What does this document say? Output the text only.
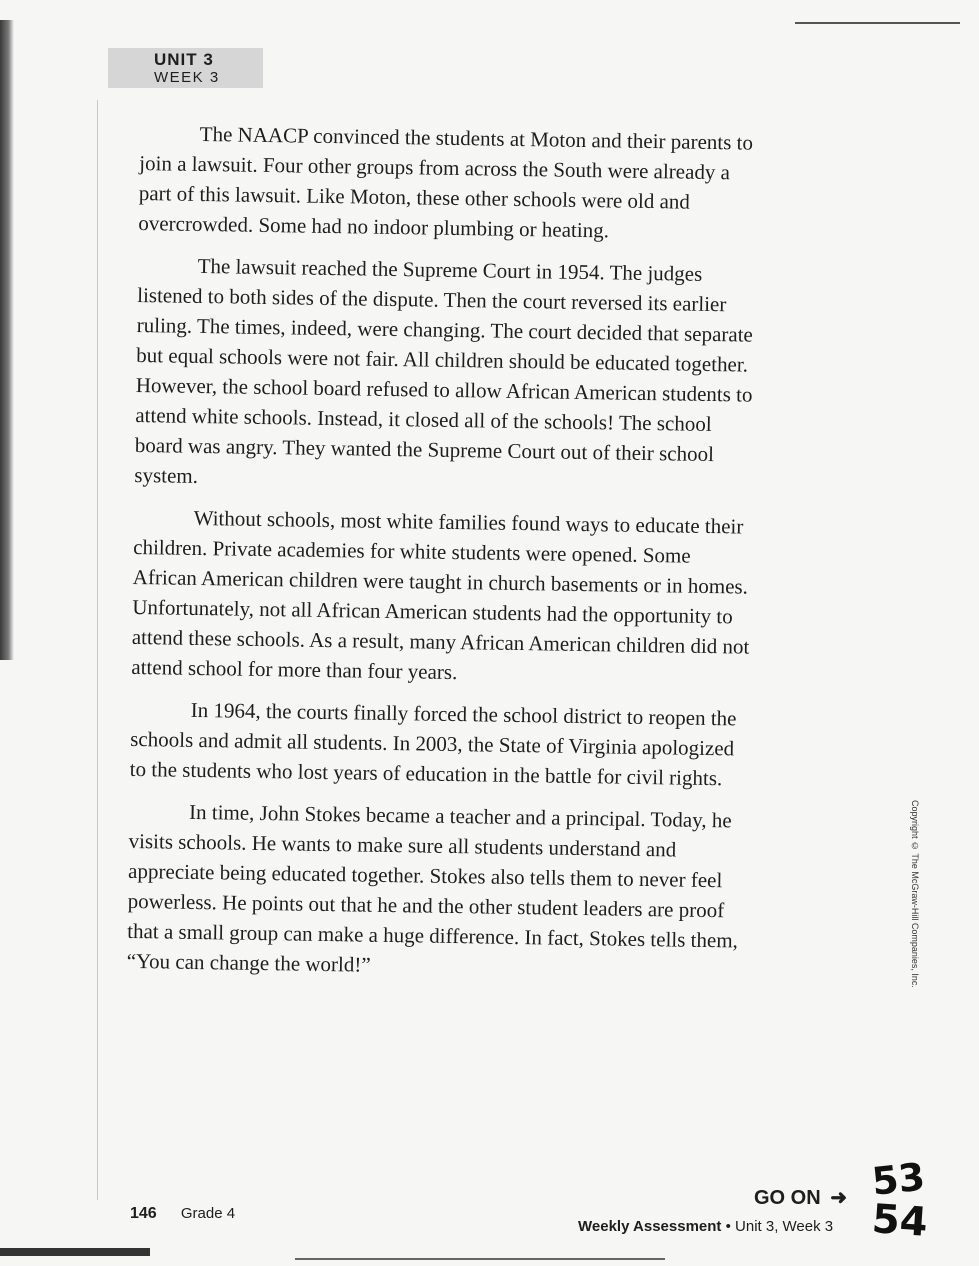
UNIT 3
WEEK 3

The NAACP convinced the students at Moton and their parents to join a lawsuit. Four other groups from across the South were already a part of this lawsuit. Like Moton, these other schools were old and overcrowded. Some had no indoor plumbing or heating.

The lawsuit reached the Supreme Court in 1954. The judges listened to both sides of the dispute. Then the court reversed its earlier ruling. The times, indeed, were changing. The court decided that separate but equal schools were not fair. All children should be educated together. However, the school board refused to allow African American students to attend white schools. Instead, it closed all of the schools! The school board was angry. They wanted the Supreme Court out of their school system.

Without schools, most white families found ways to educate their children. Private academies for white students were opened. Some African American children were taught in church basements or in homes. Unfortunately, not all African American students had the opportunity to attend these schools. As a result, many African American children did not attend school for more than four years.

In 1964, the courts finally forced the school district to reopen the schools and admit all students. In 2003, the State of Virginia apologized to the students who lost years of education in the battle for civil rights.

In time, John Stokes became a teacher and a principal. Today, he visits schools. He wants to make sure all students understand and appreciate being educated together. Stokes also tells them to never feel powerless. He points out that he and the other student leaders are proof that a small group can make a huge difference. In fact, Stokes tells them, “You can change the world!”	Copyright © The McGraw-Hill Companies, Inc.
146 Grade 4
GO ON ➜
Weekly Assessment • Unit 3, Week 3
53
54
